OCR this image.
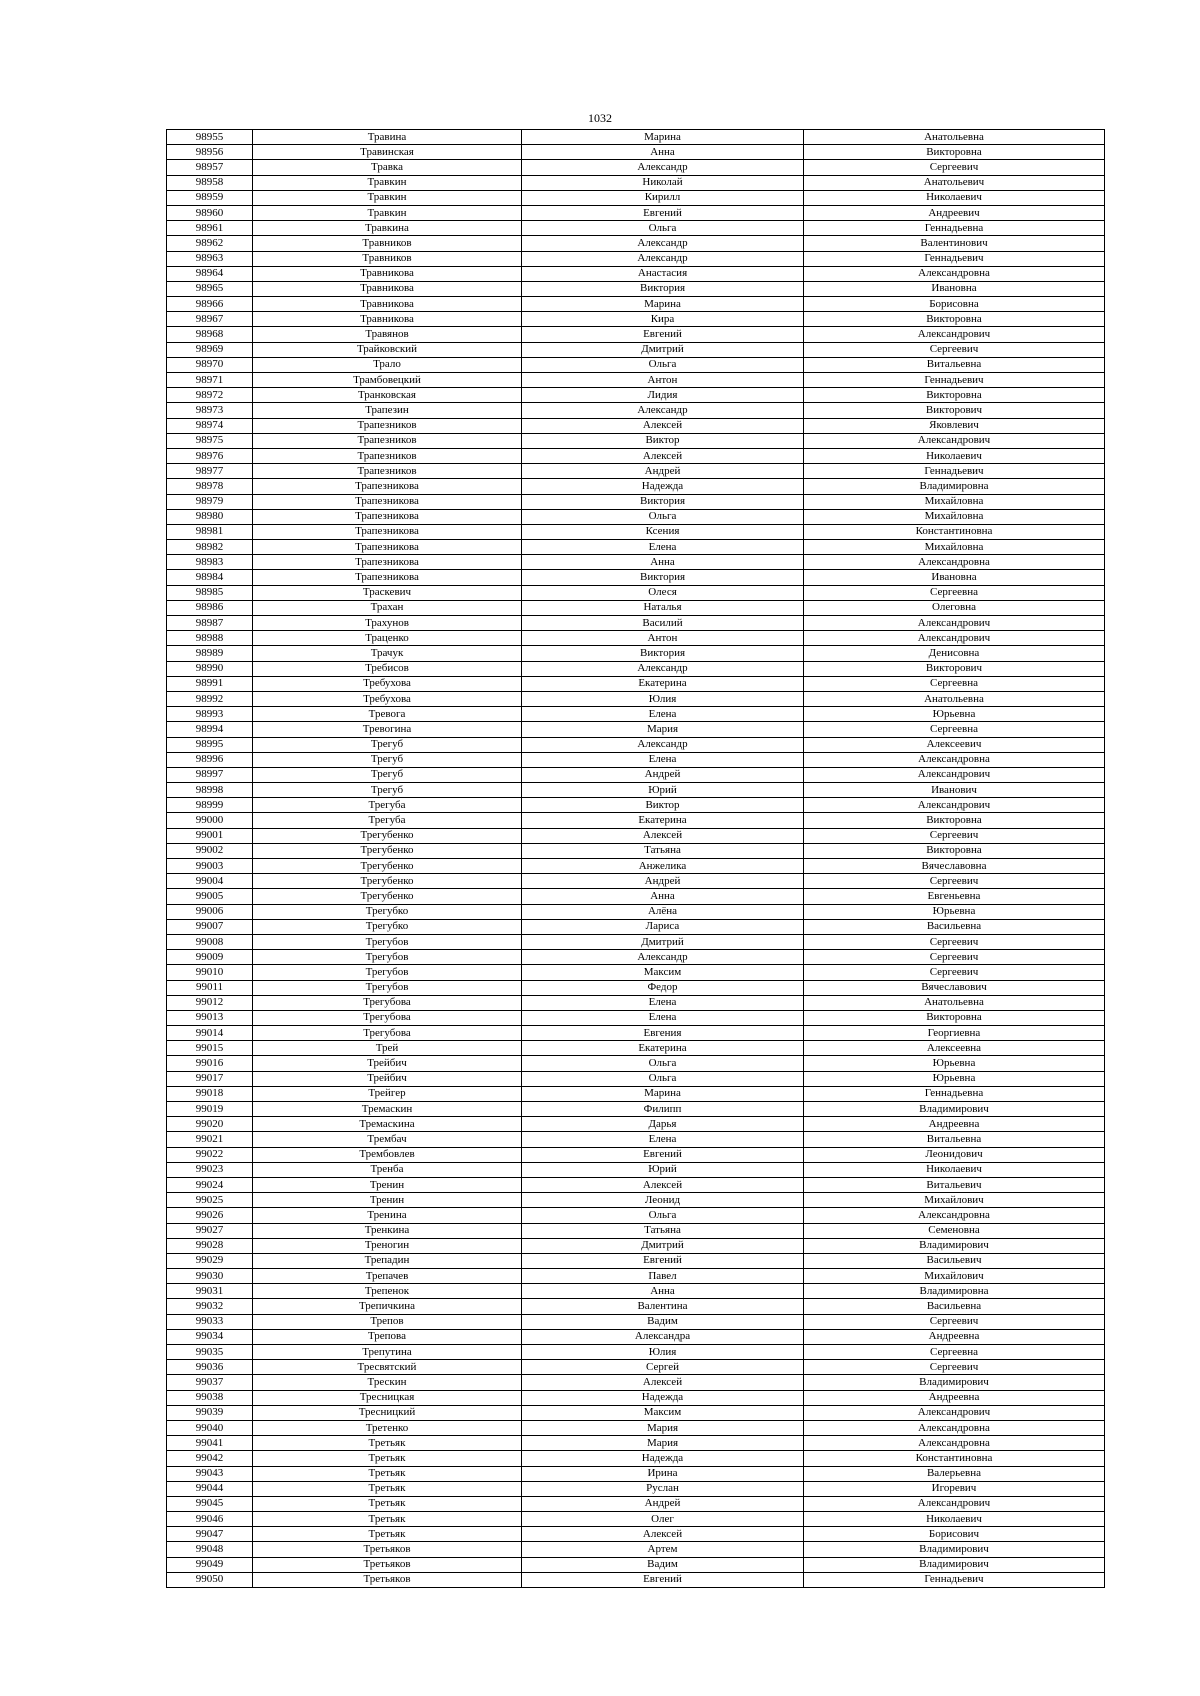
1032
98955	Травина	Марина	Анатольевна
98956	Травинская	Анна	Викторовна
98957	Травка	Александр	Сергеевич
98958	Травкин	Николай	Анатольевич
98959	Травкин	Кирилл	Николаевич
98960	Травкин	Евгений	Андреевич
98961	Травкина	Ольга	Геннадьевна
98962	Травников	Александр	Валентинович
98963	Травников	Александр	Геннадьевич
98964	Травникова	Анастасия	Александровна
98965	Травникова	Виктория	Ивановна
98966	Травникова	Марина	Борисовна
98967	Травникова	Кира	Викторовна
98968	Травянов	Евгений	Александрович
98969	Трайковский	Дмитрий	Сергеевич
98970	Трало	Ольга	Витальевна
98971	Трамбовецкий	Антон	Геннадьевич
98972	Транковская	Лидия	Викторовна
98973	Трапезин	Александр	Викторович
98974	Трапезников	Алексей	Яковлевич
98975	Трапезников	Виктор	Александрович
98976	Трапезников	Алексей	Николаевич
98977	Трапезников	Андрей	Геннадьевич
98978	Трапезникова	Надежда	Владимировна
98979	Трапезникова	Виктория	Михайловна
98980	Трапезникова	Ольга	Михайловна
98981	Трапезникова	Ксения	Константиновна
98982	Трапезникова	Елена	Михайловна
98983	Трапезникова	Анна	Александровна
98984	Трапезникова	Виктория	Ивановна
98985	Траскевич	Олеся	Сергеевна
98986	Трахан	Наталья	Олеговна
98987	Трахунов	Василий	Александрович
98988	Траценко	Антон	Александрович
98989	Трачук	Виктория	Денисовна
98990	Требисов	Александр	Викторович
98991	Требухова	Екатерина	Сергеевна
98992	Требухова	Юлия	Анатольевна
98993	Тревога	Елена	Юрьевна
98994	Тревогина	Мария	Сергеевна
98995	Трегуб	Александр	Алексеевич
98996	Трегуб	Елена	Александровна
98997	Трегуб	Андрей	Александрович
98998	Трегуб	Юрий	Иванович
98999	Трегуба	Виктор	Александрович
99000	Трегуба	Екатерина	Викторовна
99001	Трегубенко	Алексей	Сергеевич
99002	Трегубенко	Татьяна	Викторовна
99003	Трегубенко	Анжелика	Вячеславовна
99004	Трегубенко	Андрей	Сергеевич
99005	Трегубенко	Анна	Евгеньевна
99006	Трегубко	Алёна	Юрьевна
99007	Трегубко	Лариса	Васильевна
99008	Трегубов	Дмитрий	Сергеевич
99009	Трегубов	Александр	Сергеевич
99010	Трегубов	Максим	Сергеевич
99011	Трегубов	Федор	Вячеславович
99012	Трегубова	Елена	Анатольевна
99013	Трегубова	Елена	Викторовна
99014	Трегубова	Евгения	Георгиевна
99015	Трей	Екатерина	Алексеевна
99016	Трейбич	Ольга	Юрьевна
99017	Трейбич	Ольга	Юрьевна
99018	Трейгер	Марина	Геннадьевна
99019	Тремаскин	Филипп	Владимирович
99020	Тремаскина	Дарья	Андреевна
99021	Трембач	Елена	Витальевна
99022	Трембовлев	Евгений	Леонидович
99023	Тренба	Юрий	Николаевич
99024	Тренин	Алексей	Витальевич
99025	Тренин	Леонид	Михайлович
99026	Тренина	Ольга	Александровна
99027	Тренкина	Татьяна	Семеновна
99028	Треногин	Дмитрий	Владимирович
99029	Трепадин	Евгений	Васильевич
99030	Трепачев	Павел	Михайлович
99031	Трепенок	Анна	Владимировна
99032	Трепичкина	Валентина	Васильевна
99033	Трепов	Вадим	Сергеевич
99034	Трепова	Александра	Андреевна
99035	Трепутина	Юлия	Сергеевна
99036	Тресвятский	Сергей	Сергеевич
99037	Трескин	Алексей	Владимирович
99038	Тресницкая	Надежда	Андреевна
99039	Тресницкий	Максим	Александрович
99040	Третенко	Мария	Александровна
99041	Третьяк	Мария	Александровна
99042	Третьяк	Надежда	Константиновна
99043	Третьяк	Ирина	Валерьевна
99044	Третьяк	Руслан	Игоревич
99045	Третьяк	Андрей	Александрович
99046	Третьяк	Олег	Николаевич
99047	Третьяк	Алексей	Борисович
99048	Третьяков	Артем	Владимирович
99049	Третьяков	Вадим	Владимирович
99050	Третьяков	Евгений	Геннадьевич
